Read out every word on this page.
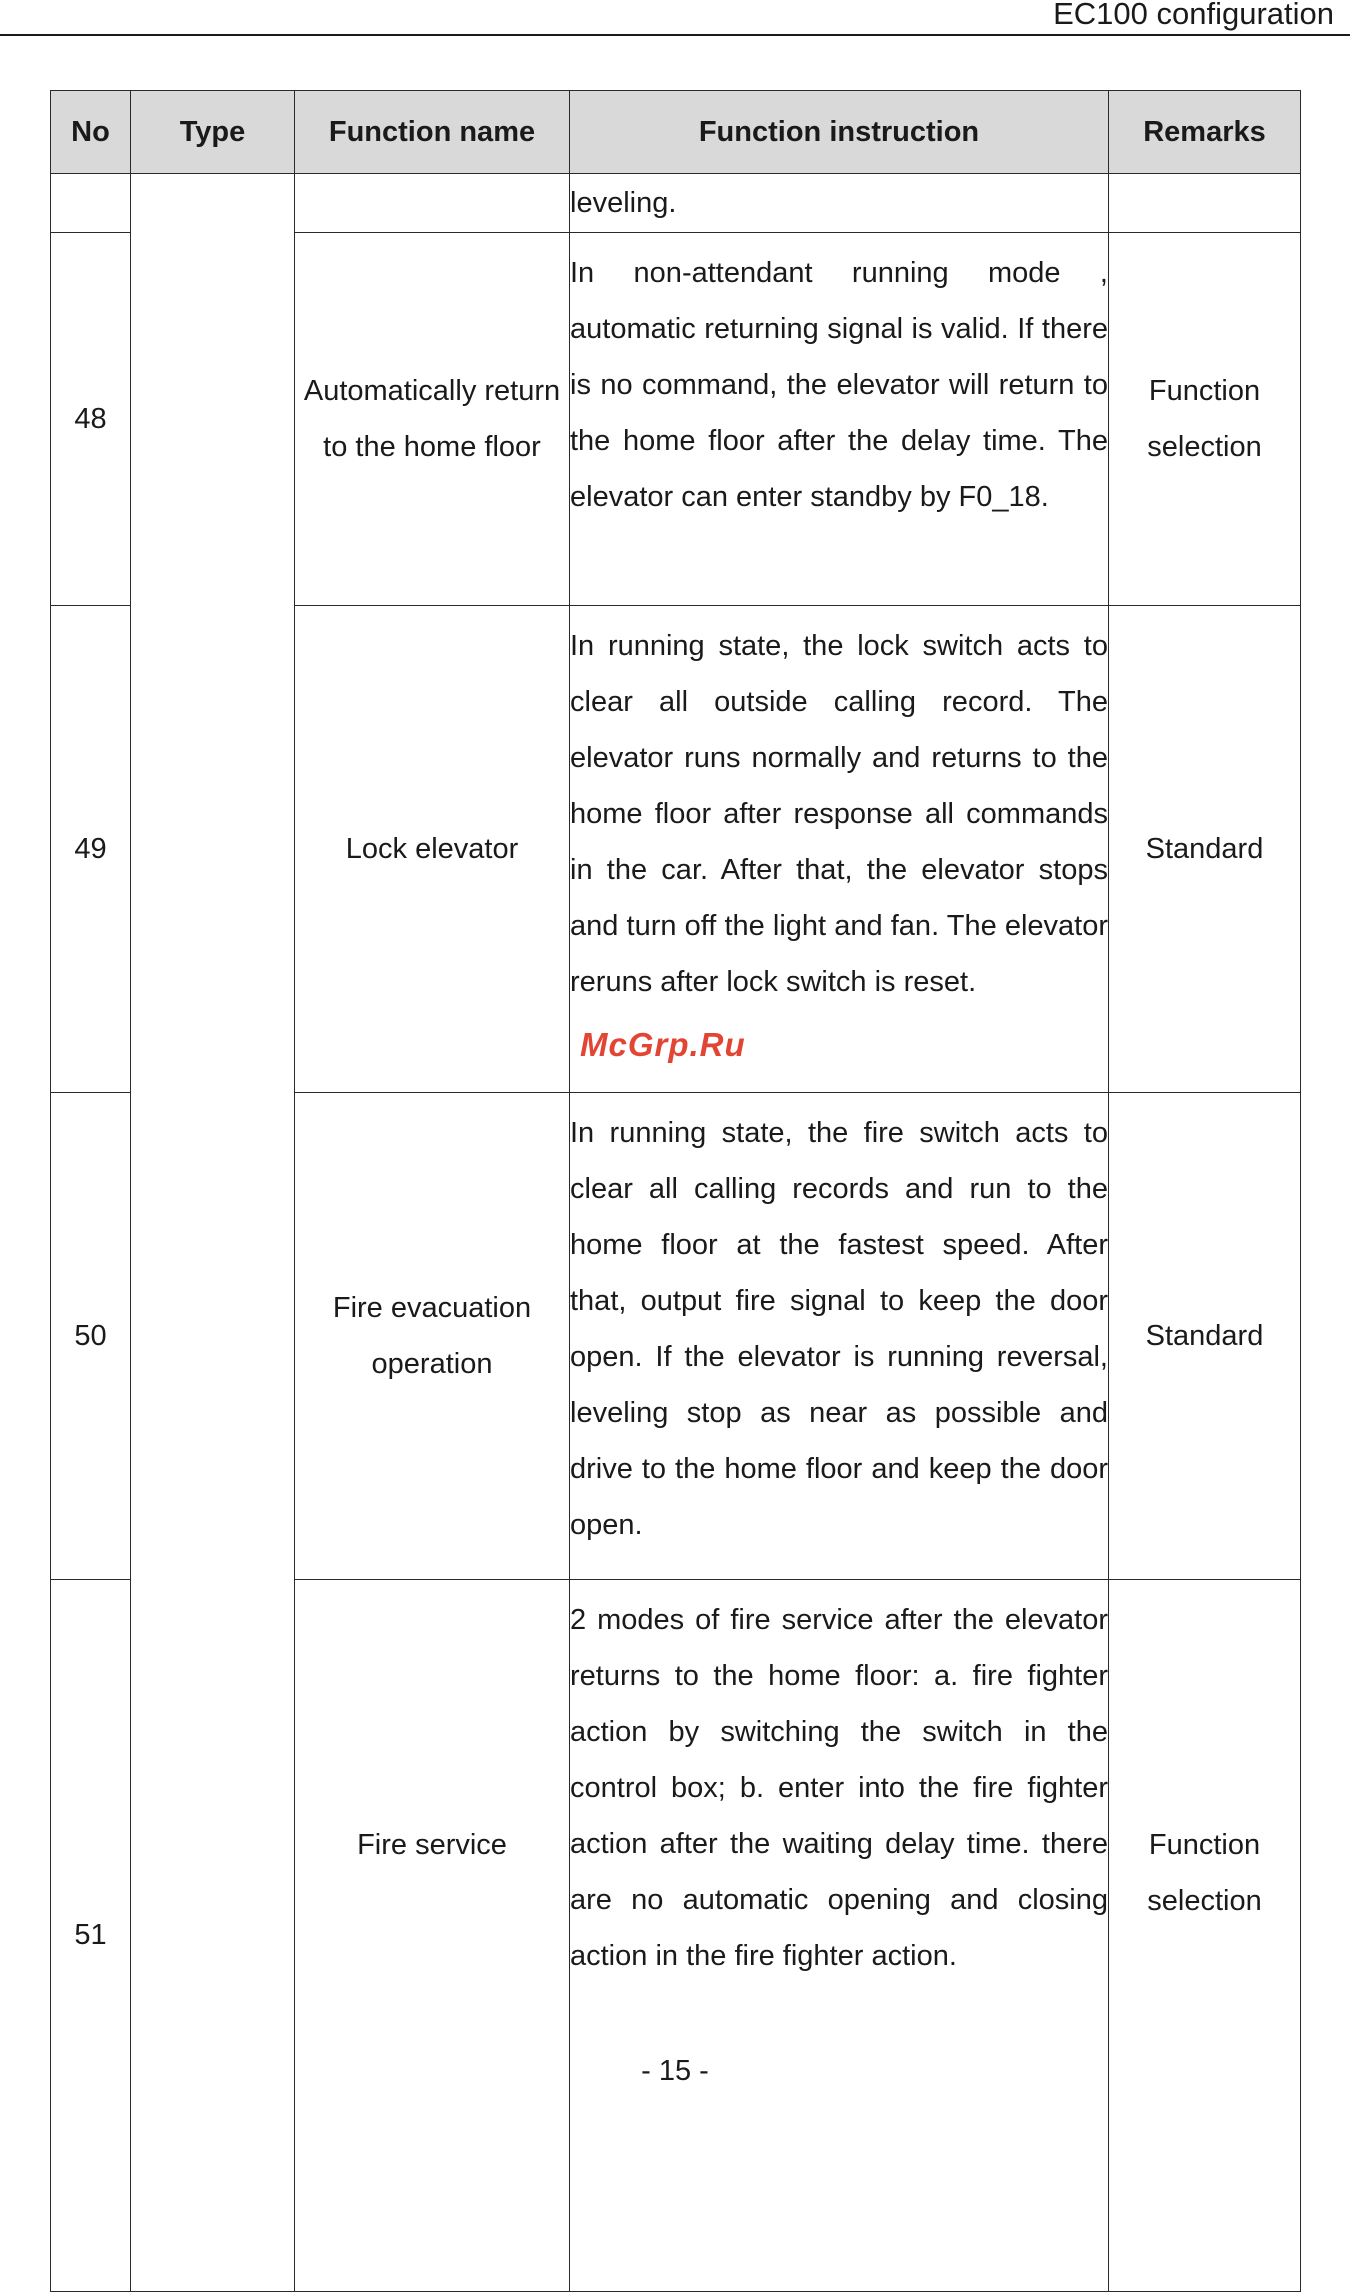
EC100 configuration
No	Type	Function name	Function instruction	Remarks
			leveling.	
48		Automatically return to the home floor	In non-attendant running mode , automatic returning signal is valid. If there is no command, the elevator will return to the home floor after the delay time. The elevator can enter standby by F0_18.	Function selection
49		Lock elevator	In running state, the lock switch acts to clear all outside calling record. The elevator runs normally and returns to the home floor after response all commands in the car. After that, the elevator stops and turn off the light and fan. The elevator reruns after lock switch is reset.	Standard
50		Fire evacuation operation	In running state, the fire switch acts to clear all calling records and run to the home floor at the fastest speed. After that, output fire signal to keep the door open. If the elevator is running reversal, leveling stop as near as possible and drive to the home floor and keep the door open.	Standard
51		Fire service	2 modes of fire service after the elevator returns to the home floor: a. fire fighter action by switching the switch in the control box; b. enter into the fire fighter action after the waiting delay time. there are no automatic opening and closing action in the fire fighter action.	Function selection
McGrp.Ru
- 15 -
